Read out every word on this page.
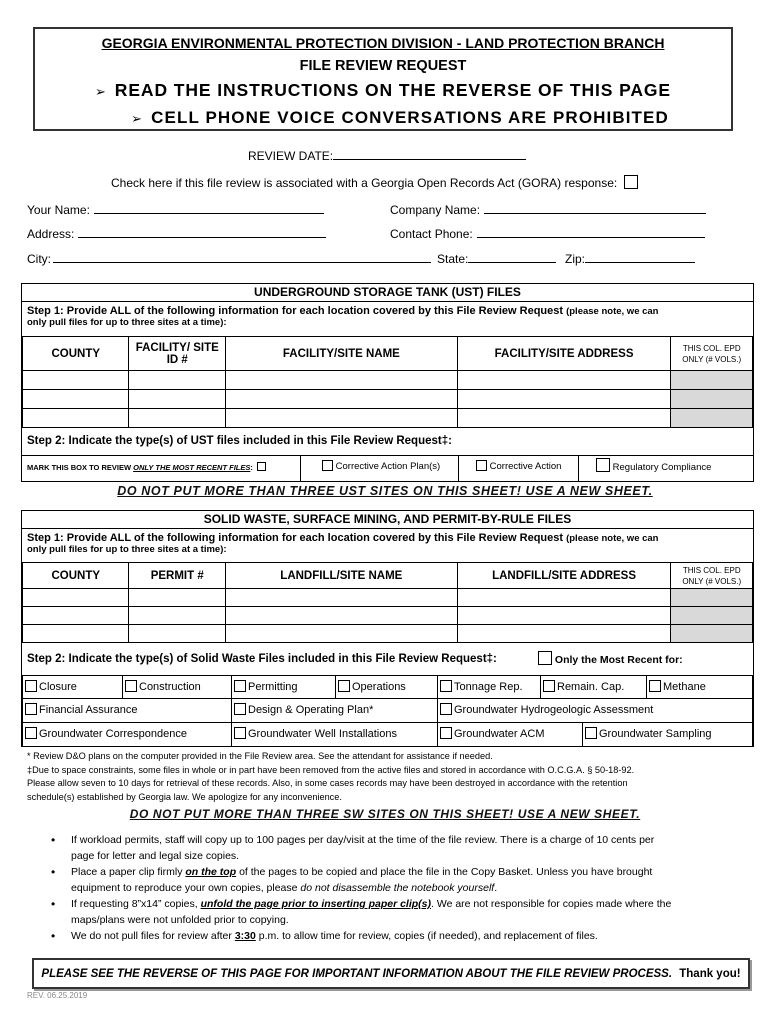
GEORGIA ENVIRONMENTAL PROTECTION DIVISION - LAND PROTECTION BRANCH
FILE REVIEW REQUEST
➢ READ THE INSTRUCTIONS ON THE REVERSE OF THIS PAGE
➢ CELL PHONE VOICE CONVERSATIONS ARE PROHIBITED
REVIEW DATE:
Check here if this file review is associated with a Georgia Open Records Act (GORA) response:
Your Name:	Company Name:
Address:	Contact Phone:
City:	State:	Zip:
UNDERGROUND STORAGE TANK (UST) FILES
Step 1: Provide ALL of the following information for each location covered by this File Review Request (please note, we can
only pull files for up to three sites at a time):
COUNTY	FACILITY/ SITE ID #	FACILITY/SITE NAME	FACILITY/SITE ADDRESS	THIS COL. EPD ONLY (# VOLS.)

Step 2: Indicate the type(s) of UST files included in this File Review Request‡:
MARK THIS BOX TO REVIEW ONLY THE MOST RECENT FILES:	Corrective Action Plan(s)	Corrective Action	Regulatory Compliance
DO NOT PUT MORE THAN THREE UST SITES ON THIS SHEET! USE A NEW SHEET.
SOLID WASTE, SURFACE MINING, AND PERMIT-BY-RULE FILES
Step 1: Provide ALL of the following information for each location covered by this File Review Request (please note, we can
only pull files for up to three sites at a time):
COUNTY	PERMIT #	LANDFILL/SITE NAME	LANDFILL/SITE ADDRESS	THIS COL. EPD ONLY (# VOLS.)

Step 2: Indicate the type(s) of Solid Waste Files included in this File Review Request‡:	Only the Most Recent for:
Closure	Construction	Permitting	Operations	Tonnage Rep.	Remain. Cap.	Methane
Financial Assurance	Design & Operating Plan*	Groundwater Hydrogeologic Assessment
Groundwater Correspondence	Groundwater Well Installations	Groundwater ACM	Groundwater Sampling
* Review D&O plans on the computer provided in the File Review area. See the attendant for assistance if needed.
‡Due to space constraints, some files in whole or in part have been removed from the active files and stored in accordance with O.C.G.A. § 50-18-92.
Please allow seven to 10 days for retrieval of these records. Also, in some cases records may have been destroyed in accordance with the retention
schedule(s) established by Georgia law. We apologize for any inconvenience.
DO NOT PUT MORE THAN THREE SW SITES ON THIS SHEET! USE A NEW SHEET.
• If workload permits, staff will copy up to 100 pages per day/visit at the time of the file review. There is a charge of 10 cents per
page for letter and legal size copies.
• Place a paper clip firmly on the top of the pages to be copied and place the file in the Copy Basket. Unless you have brought
equipment to reproduce your own copies, please do not disassemble the notebook yourself.
• If requesting 8”x14” copies, unfold the page prior to inserting paper clip(s). We are not responsible for copies made where the
maps/plans were not unfolded prior to copying.
• We do not pull files for review after 3:30 p.m. to allow time for review, copies (if needed), and replacement of files.
PLEASE SEE THE REVERSE OF THIS PAGE FOR IMPORTANT INFORMATION ABOUT THE FILE REVIEW PROCESS. Thank you!
REV. 06.25.2019
